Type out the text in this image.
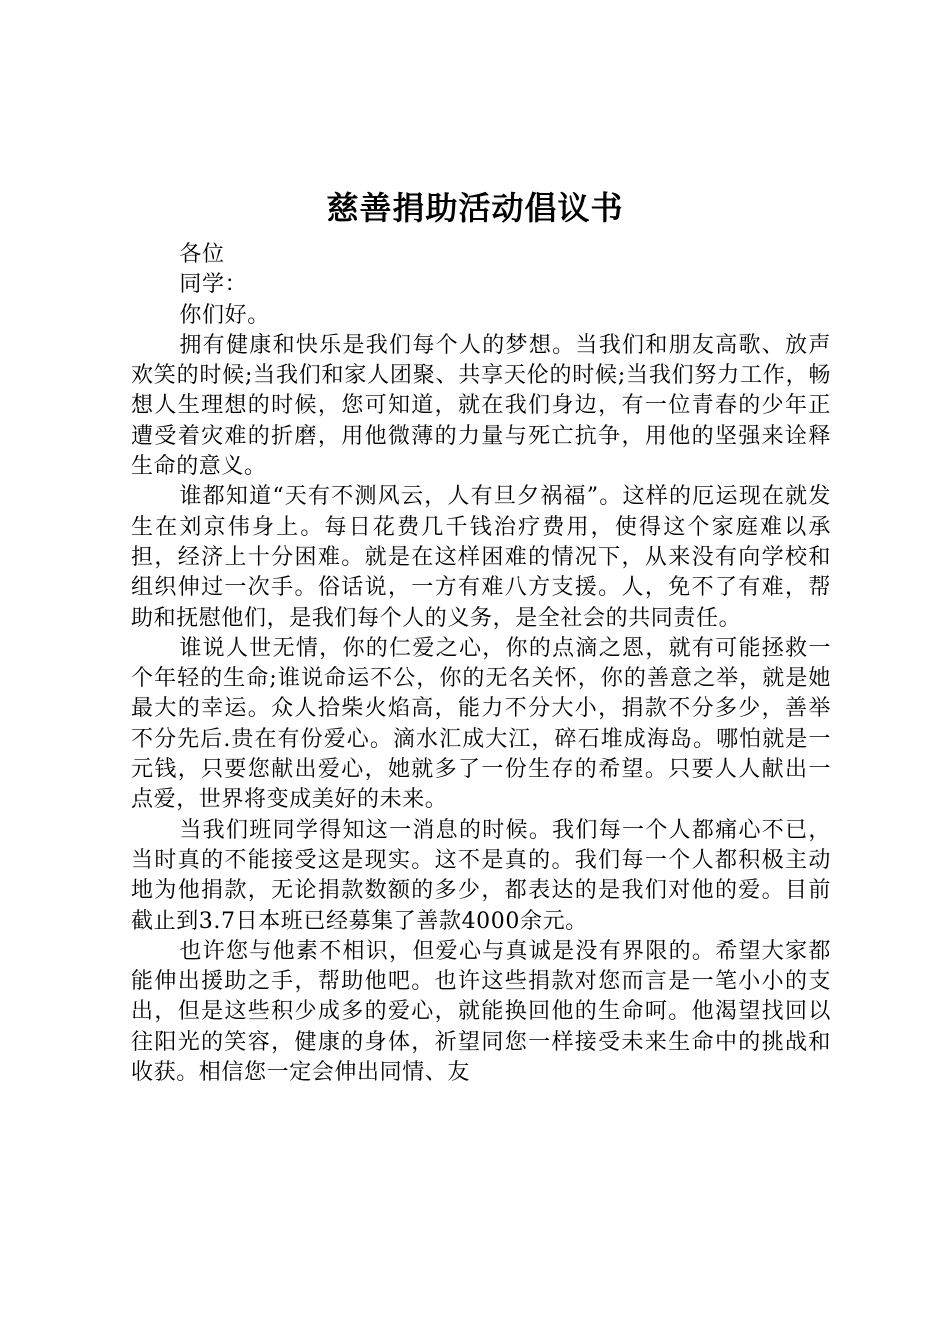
慈善捐助活动倡议书

各位

同学：

你们好。

拥有健康和快乐是我们每个人的梦想。当我们和朋友高歌、放声欢笑的时候;当我们和家人团聚、共享天伦的时候;当我们努力工作，畅想人生理想的时候，您可知道，就在我们身边，有一位青春的少年正遭受着灾难的折磨，用他微薄的力量与死亡抗争，用他的坚强来诠释生命的意义。

谁都知道“天有不测风云，人有旦夕祸福”。这样的厄运现在就发生在刘京伟身上。每日花费几千钱治疗费用，使得这个家庭难以承担，经济上十分困难。就是在这样困难的情况下，从来没有向学校和组织伸过一次手。俗话说，一方有难八方支援。人，免不了有难，帮助和抚慰他们，是我们每个人的义务，是全社会的共同责任。

谁说人世无情，你的仁爱之心，你的点滴之恩，就有可能拯救一个年轻的生命;谁说命运不公，你的无名关怀，你的善意之举，就是她最大的幸运。众人拾柴火焰高，能力不分大小，捐款不分多少，善举不分先后.贵在有份爱心。滴水汇成大江，碎石堆成海岛。哪怕就是一元钱，只要您献出爱心，她就多了一份生存的希望。只要人人献出一点爱，世界将变成美好的未来。

当我们班同学得知这一消息的时候。我们每一个人都痛心不已，当时真的不能接受这是现实。这不是真的。我们每一个人都积极主动地为他捐款，无论捐款数额的多少，都表达的是我们对他的爱。目前截止到3.7日本班已经募集了善款4000余元。

也许您与他素不相识，但爱心与真诚是没有界限的。希望大家都能伸出援助之手，帮助他吧。也许这些捐款对您而言是一笔小小的支出，但是这些积少成多的爱心，就能换回他的生命呵。他渴望找回以往阳光的笑容，健康的身体，祈望同您一样接受未来生命中的挑战和收获。相信您一定会伸出同情、友
